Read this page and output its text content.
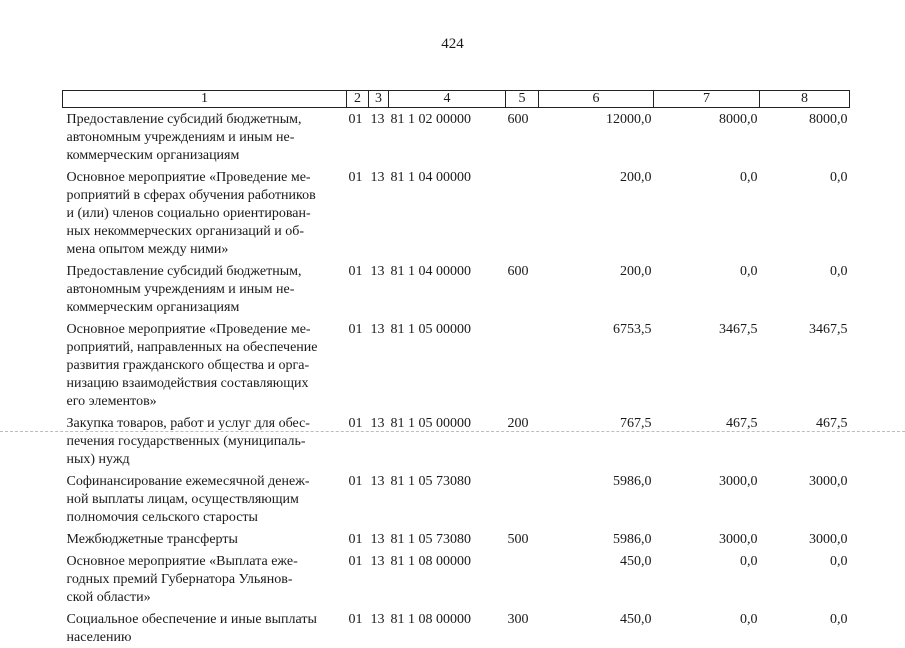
424
1	2	3	4	5	6	7	8

Предоставление субсидий бюджетным,
автономным учреждениям и иным не-
коммерческим организациям	01	13	81 1 02 00000	600	12000,0	8000,0	8000,0

Основное мероприятие «Проведение ме-
роприятий в сферах обучения работников
и (или) членов социально ориентирован-
ных некоммерческих организаций и об-
мена опытом между ними»	01	13	81 1 04 00000		200,0	0,0	0,0

Предоставление субсидий бюджетным,
автономным учреждениям и иным не-
коммерческим организациям	01	13	81 1 04 00000	600	200,0	0,0	0,0

Основное мероприятие «Проведение ме-
роприятий, направленных на обеспечение
развития гражданского общества и орга-
низацию взаимодействия составляющих
его элементов»	01	13	81 1 05 00000		6753,5	3467,5	3467,5

Закупка товаров, работ и услуг для обес-
печения государственных (муниципаль-
ных) нужд	01	13	81 1 05 00000	200	767,5	467,5	467,5

Софинансирование ежемесячной денеж-
ной выплаты лицам, осуществляющим
полномочия сельского старосты	01	13	81 1 05 73080		5986,0	3000,0	3000,0

Межбюджетные трансферты	01	13	81 1 05 73080	500	5986,0	3000,0	3000,0

Основное мероприятие «Выплата еже-
годных премий Губернатора Ульянов-
ской области»	01	13	81 1 08 00000		450,0	0,0	0,0

Социальное обеспечение и иные выплаты
населению	01	13	81 1 08 00000	300	450,0	0,0	0,0
